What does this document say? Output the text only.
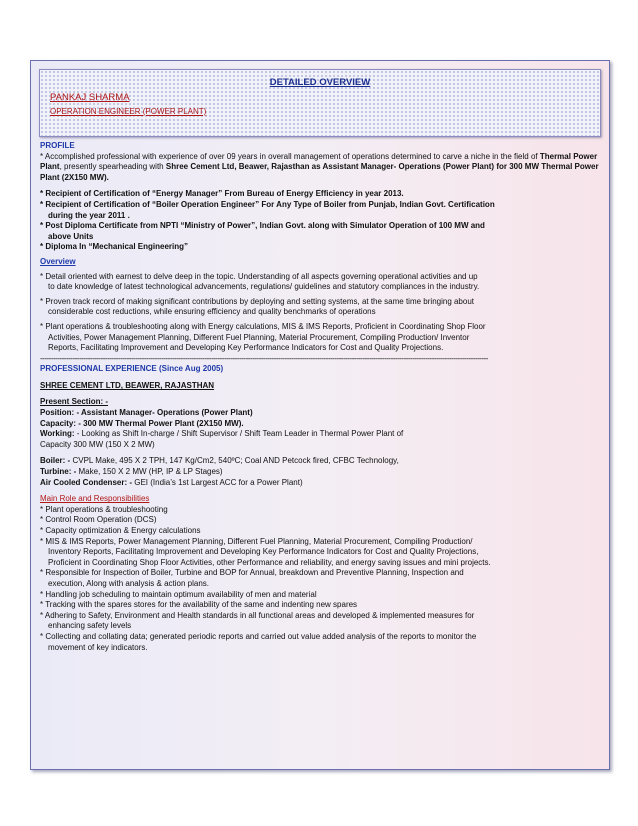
DETAILED OVERVIEW
PANKAJ SHARMA
OPERATION ENGINEER (POWER PLANT)

PROFILE

* Accomplished professional with experience of over 09 years in overall management of operations determined to carve a niche in the field of Thermal Power Plant, presently spearheading with Shree Cement Ltd, Beawer, Rajasthan as Assistant Manager- Operations (Power Plant) for 300 MW Thermal Power Plant (2X150 MW).

* Recipient of Certification of “Energy Manager” From Bureau of Energy Efficiency in year 2013.

* Recipient of Certification of “Boiler Operation Engineer” For Any Type of Boiler from Punjab, Indian Govt. Certification

during the year 2011 .

* Post Diploma Certificate from NPTI “Ministry of Power”, Indian Govt. along with Simulator Operation of 100 MW and

above Units

* Diploma In “Mechanical Engineering”

Overview

* Detail oriented with earnest to delve deep in the topic. Understanding of all aspects governing operational activities and up

to date knowledge of latest technological advancements, regulations/ guidelines and statutory compliances in the industry.

* Proven track record of making significant contributions by deploying and setting systems, at the same time bringing about

considerable cost reductions, while ensuring efficiency and quality benchmarks of operations

* Plant operations & troubleshooting along with Energy calculations, MIS & IMS Reports, Proficient in Coordinating Shop Floor

Activities, Power Management Planning, Different Fuel Planning, Material Procurement, Compiling Production/ Inventor

Reports, Facilitating Improvement and Developing Key Performance Indicators for Cost and Quality Projections.

---------------------------------------------------------------------------------------------------------------------------------------------------------------------------------------------------------------

PROFESSIONAL EXPERIENCE (Since Aug 2005)

SHREE CEMENT LTD, BEAWER, RAJASTHAN

Present Section: -

Position: - Assistant Manager- Operations (Power Plant)

Capacity: - 300 MW Thermal Power Plant (2X150 MW).

Working: - Looking as Shift In-charge / Shift Supervisor / Shift Team Leader in Thermal Power Plant of

Capacity 300 MW (150 X 2 MW)

Boiler: - CVPL Make, 495 X 2 TPH, 147 Kg/Cm2, 540ºC; Coal AND Petcock fired, CFBC Technology,

Turbine: - Make, 150 X 2 MW (HP, IP & LP Stages)

Air Cooled Condenser: - GEI (India’s 1st Largest ACC for a Power Plant)

Main Role and Responsibilities

* Plant operations & troubleshooting

* Control Room Operation (DCS)

* Capacity optimization & Energy calculations

* MIS & IMS Reports, Power Management Planning, Different Fuel Planning, Material Procurement, Compiling Production/

Inventory Reports, Facilitating Improvement and Developing Key Performance Indicators for Cost and Quality Projections,

Proficient in Coordinating Shop Floor Activities, other Performance and reliability, and energy saving issues and mini projects.

* Responsible for Inspection of Boiler, Turbine and BOP for Annual, breakdown and Preventive Planning, Inspection and

execution, Along with analysis & action plans.

* Handling job scheduling to maintain optimum availability of men and material

* Tracking with the spares stores for the availability of the same and indenting new spares

* Adhering to Safety, Environment and Health standards in all functional areas and developed & implemented measures for

enhancing safety levels

* Collecting and collating data; generated periodic reports and carried out value added analysis of the reports to monitor the

movement of key indicators.
